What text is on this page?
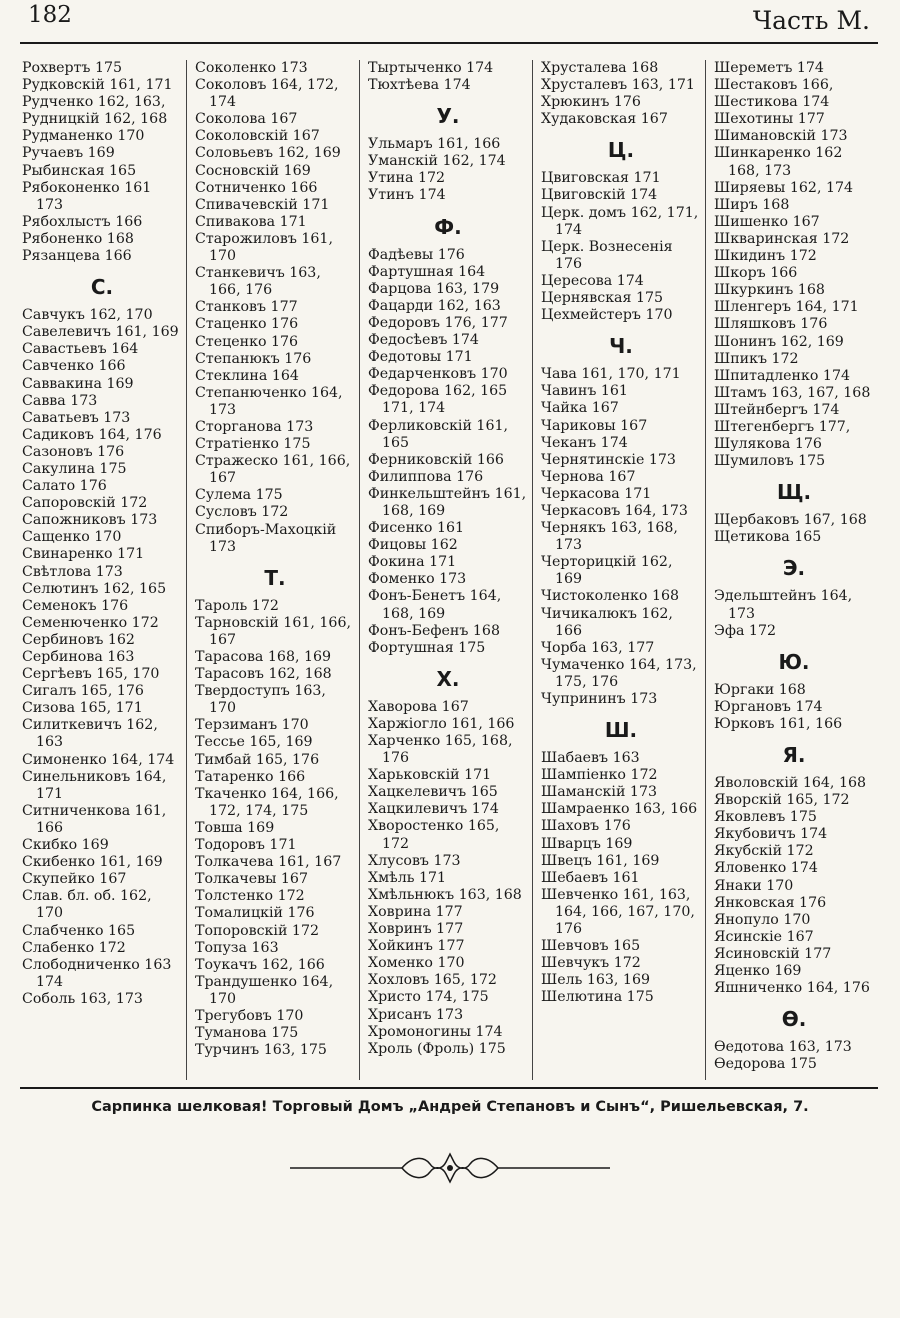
182	Часть М.
Рохвертъ 175
Рудковскій 161, 171
Рудченко 162, 163,
Рудницкій 162, 168
Рудманенко 170
Ручаевъ 169
Рыбинская 165
Рябоконенко 161 173
Рябохлыстъ 166
Рябоненко 168
Рязанцева 166
С.
Савчукъ 162, 170
Савелевичъ 161, 169
Савастьевъ 164
Савченко 166
Саввакина 169
Савва 173
Саватьевъ 173
Садиковъ 164, 176
Сазоновъ 176
Сакулина 175
Салато 176
Сапоровскій 172
Сапожниковъ 173
Сащенко 170
Свинаренко 171
Свѣтлова 173
Селютинъ 162, 165
Семенокъ 176
Семенюченко 172
Сербиновъ 162
Сербинова 163
Сергѣевъ 165, 170
Сигалъ 165, 176
Сизова 165, 171
Силиткевичъ 162, 163
Симоненко 164, 174
Синельниковъ 164, 171
Ситниченкова 161, 166
Скибко 169
Скибенко 161, 169
Скупейко 167
Слав. бл. об. 162, 170
Слабченко 165
Слабенко 172
Слободниченко 163 174
Соболь 163, 173
Соколенко 173
Соколовъ 164, 172, 174
Соколова 167
Соколовскій 167
Соловьевъ 162, 169
Сосновскій 169
Сотниченко 166
Спивачевскій 171
Спивакова 171
Старожиловъ 161, 170
Станкевичъ 163, 166, 176
Станковъ 177
Стаценко 176
Стеценко 176
Степанюкъ 176
Стеклина 164
Степанюченко 164, 173
Сторганова 173
Стратіенко 175
Стражеско 161, 166, 167
Сулема 175
Сусловъ 172
Спиборъ-Махоцкій 173
Т.
Тароль 172
Тарновскій 161, 166, 167
Тарасова 168, 169
Тарасовъ 162, 168
Твердоступъ 163, 170
Терзиманъ 170
Тессье 165, 169
Тимбай 165, 176
Татаренко 166
Ткаченко 164, 166, 172, 174, 175
Товша 169
Тодоровъ 171
Толкачева 161, 167
Толкачевы 167
Толстенко 172
Томалицкій 176
Топоровскій 172
Топуза 163
Тоукачъ 162, 166
Трандушенко 164, 170
Трегубовъ 170
Туманова 175
Турчинъ 163, 175
Тыртыченко 174
Тюхтѣева 174
У.
Ульмаръ 161, 166
Уманскій 162, 174
Утина 172
Утинъ 174
Ф.
Фадѣевы 176
Фартушная 164
Фарцова 163, 179
Фацарди 162, 163
Федоровъ 176, 177
Федосѣевъ 174
Федотовы 171
Федарченковъ 170
Федорова 162, 165 171, 174
Ферликовскій 161, 165
Ферниковскій 166
Филиппова 176
Финкельштейнъ 161, 168, 169
Фисенко 161
Фицовы 162
Фокина 171
Фоменко 173
Фонъ-Бенетъ 164, 168, 169
Фонъ-Бефенъ 168
Фортушная 175
Х.
Хаворова 167
Харжіогло 161, 166
Харченко 165, 168, 176
Харьковскій 171
Хацкелевичъ 165
Хацкилевичъ 174
Хворостенко 165, 172
Хлусовъ 173
Хмѣль 171
Хмѣльнюкъ 163, 168
Ховрина 177
Ховринъ 177
Хойкинъ 177
Хоменко 170
Хохловъ 165, 172
Христо 174, 175
Хрисанъ 173
Хромоногины 174
Хроль (Фроль) 175
Хрусталева 168
Хрусталевъ 163, 171
Хрюкинъ 176
Худаковская 167
Ц.
Цвиговская 171
Цвиговскій 174
Церк. домъ 162, 171, 174
Церк. Вознесенія 176
Цересова 174
Цернявская 175
Цехмейстеръ 170
Ч.
Чава 161, 170, 171
Чавинъ 161
Чайка 167
Чариковы 167
Чеканъ 174
Чернятинскіе 173
Чернова 167
Черкасова 171
Черкасовъ 164, 173
Чернякъ 163, 168, 173
Черторицкій 162, 169
Чистоколенко 168
Чичикалюкъ 162, 166
Чорба 163, 177
Чумаченко 164, 173, 175, 176
Чупрининъ 173
Ш.
Шабаевъ 163
Шампіенко 172
Шаманскій 173
Шамраенко 163, 166
Шаховъ 176
Шварцъ 169
Швецъ 161, 169
Шебаевъ 161
Шевченко 161, 163, 164, 166, 167, 170, 176
Шевчовъ 165
Шевчукъ 172
Шель 163, 169
Шелютина 175
Шереметъ 174
Шестаковъ 166,
Шестикова 174
Шехотины 177
Шимановскій 173
Шинкаренко 162 168, 173
Ширяевы 162, 174
Ширъ 168
Шишенко 167
Шкваринская 172
Шкидинъ 172
Шкоръ 166
Шкуркинъ 168
Шленгеръ 164, 171
Шляшковъ 176
Шонинъ 162, 169
Шпикъ 172
Шпитадленко 174
Штамъ 163, 167, 168
Штейнбергъ 174
Штегенбергъ 177,
Шулякова 176
Шумиловъ 175
Щ.
Щербаковъ 167, 168
Щетикова 165
Э.
Эдельштейнъ 164, 173
Эфа 172
Ю.
Юргаки 168
Юргановъ 174
Юрковъ 161, 166
Я.
Яволовскій 164, 168
Яворскій 165, 172
Яковлевъ 175
Якубовичъ 174
Якубскій 172
Яловенко 174
Янаки 170
Янковская 176
Янопуло 170
Ясинскіе 167
Ясиновскій 177
Яценко 169
Яшниченко 164, 176
Ѳ.
Ѳедотова 163, 173
Ѳедорова 175
Сарпинка шелковая! Торговый Домъ „Андрей Степановъ и Сынъ“, Ришельевская, 7.
